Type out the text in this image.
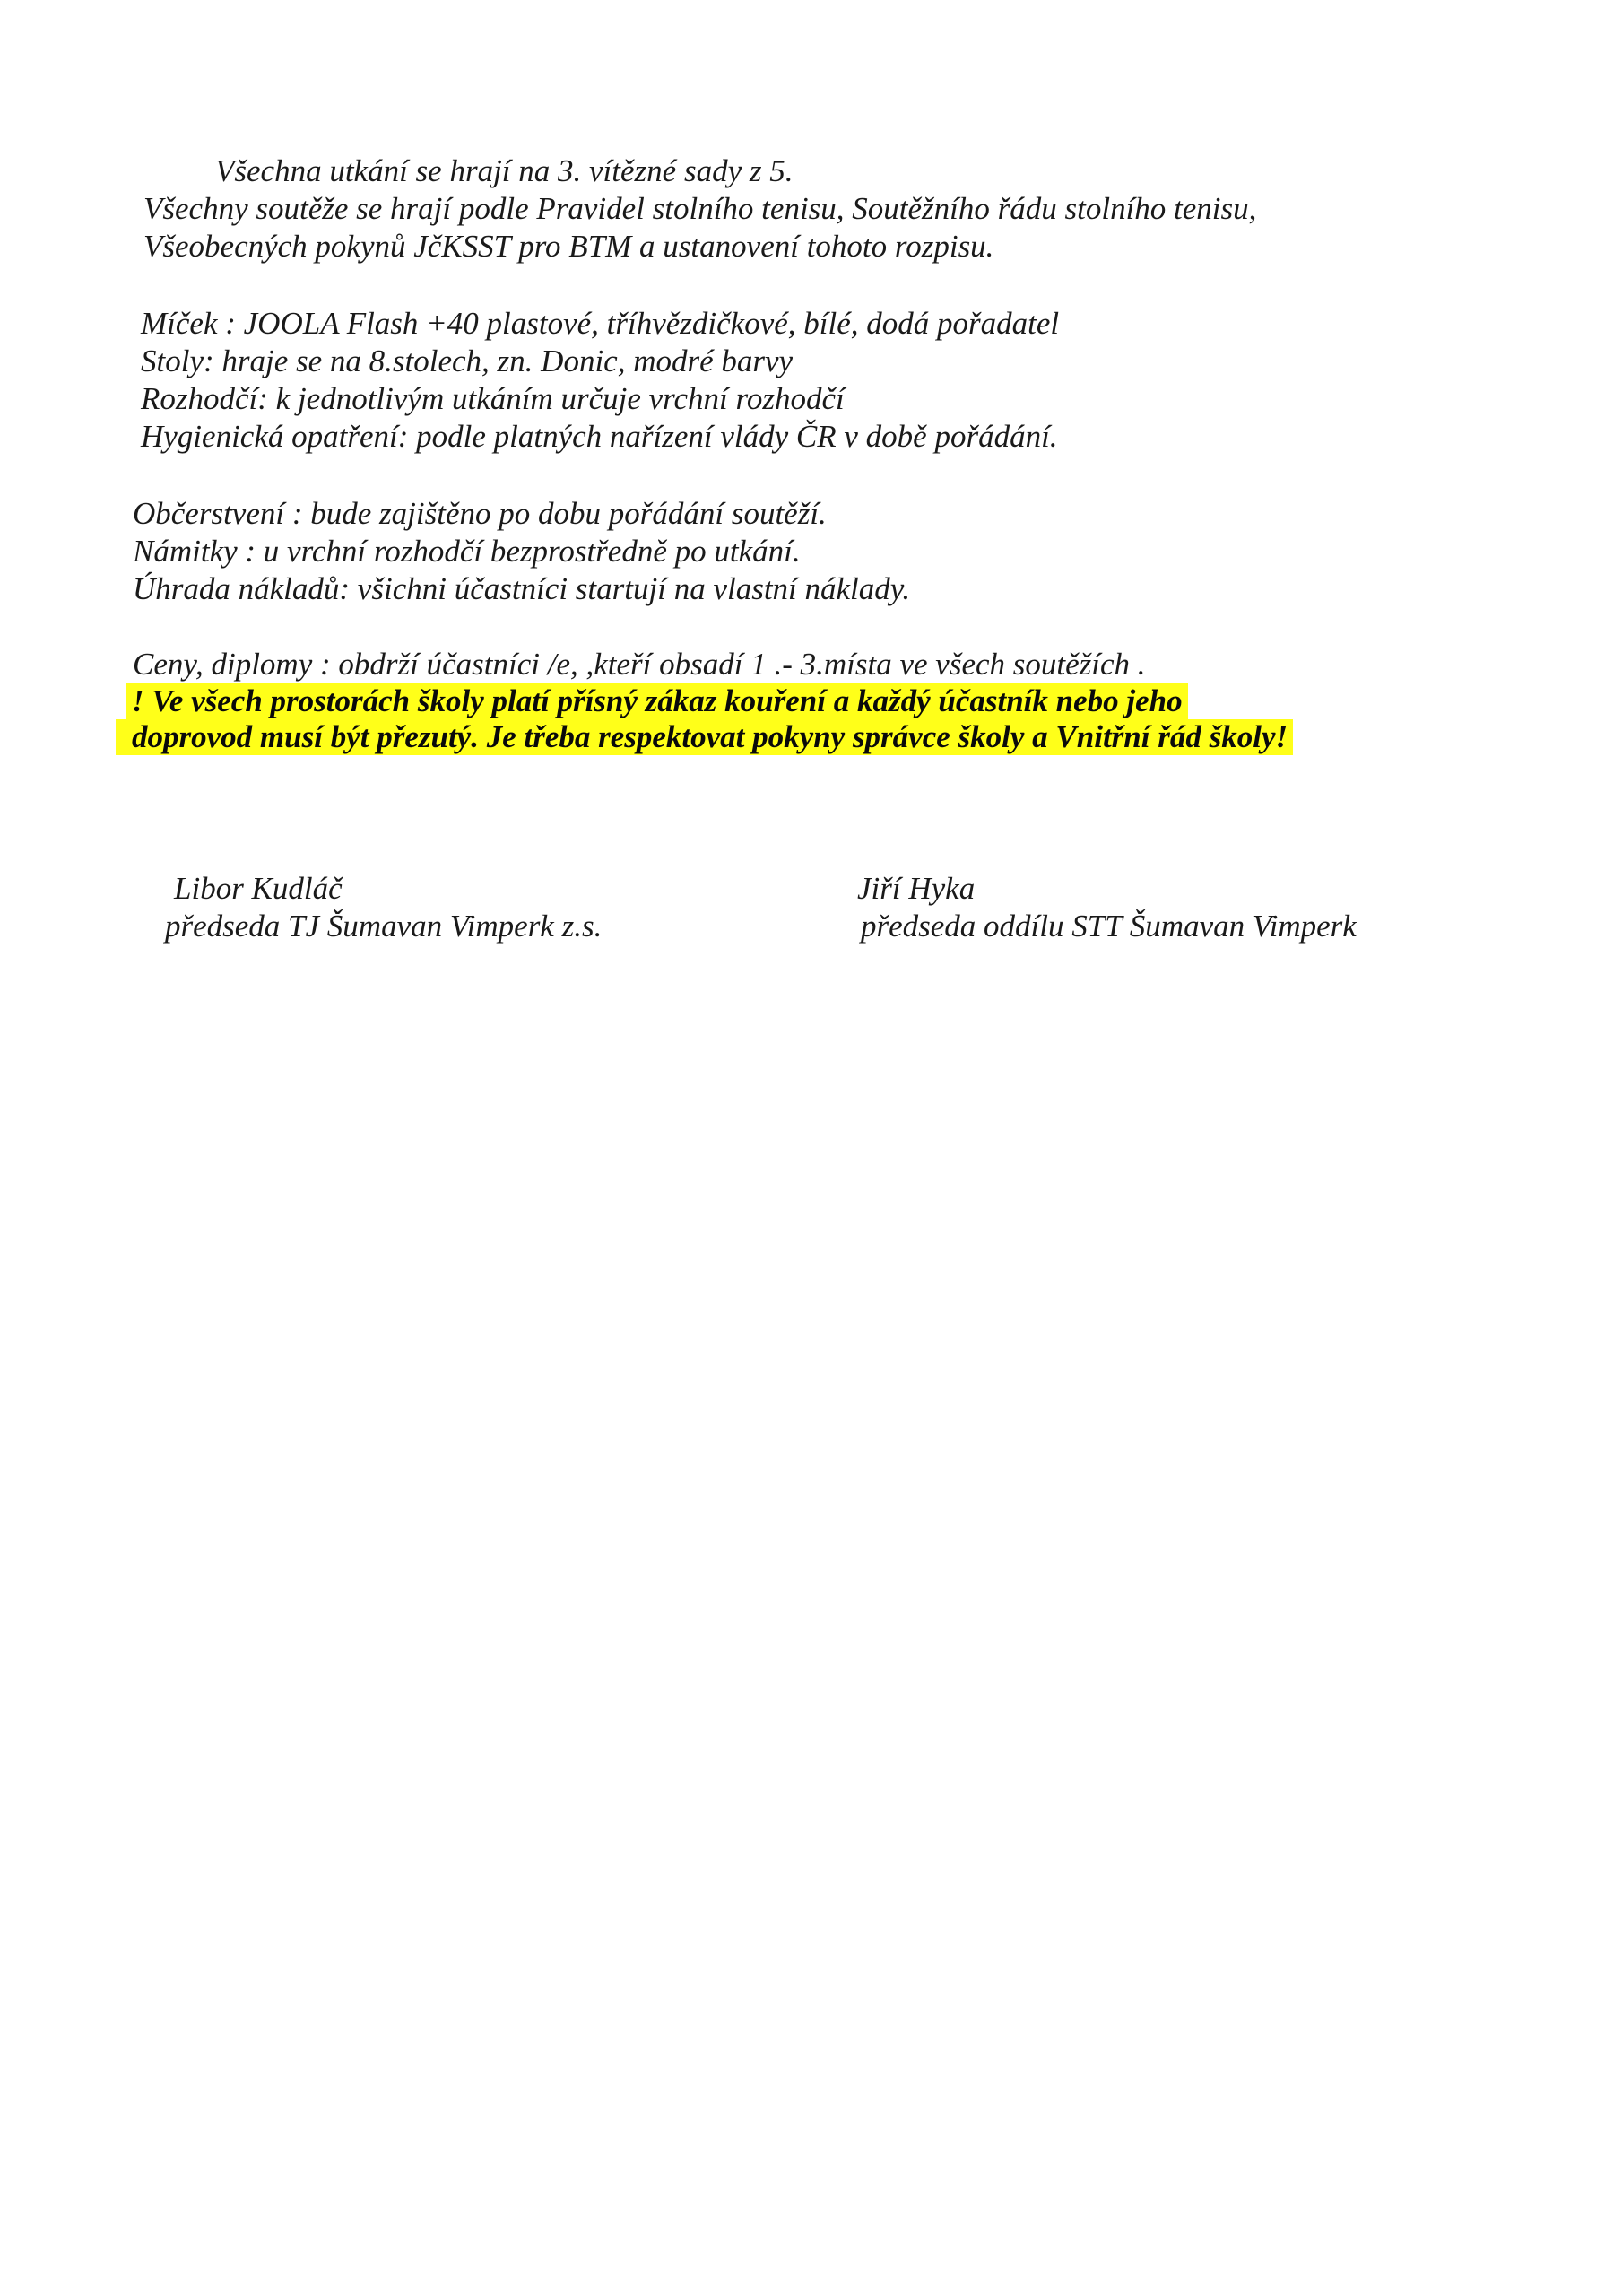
Všechna utkání se hrají na 3. vítězné sady z 5.

Všechny soutěže se hrají podle Pravidel stolního tenisu, Soutěžního řádu stolního tenisu,

Všeobecných pokynů JčKSST pro BTM a ustanovení tohoto rozpisu.

Míček : JOOLA Flash +40 plastové, tříhvězdičkové, bílé, dodá pořadatel

Stoly: hraje se na 8.stolech, zn. Donic, modré barvy

Rozhodčí: k jednotlivým utkáním určuje vrchní rozhodčí

Hygienická opatření: podle platných nařízení vlády ČR v době pořádání.

Občerstvení : bude zajištěno po dobu pořádání soutěží.

Námitky : u vrchní rozhodčí bezprostředně po utkání.

Úhrada nákladů: všichni účastníci startují na vlastní náklady.

Ceny, diplomy : obdrží účastníci /e, ,kteří obsadí 1 .- 3.místa ve všech soutěžích .

! Ve všech prostorách školy platí přísný zákaz kouření a každý účastník nebo jeho

doprovod musí být přezutý. Je třeba respektovat pokyny správce školy a Vnitřní řád školy!

Libor Kudláč

předseda TJ Šumavan Vimperk z.s.

Jiří Hyka

předseda oddílu STT Šumavan Vimperk
